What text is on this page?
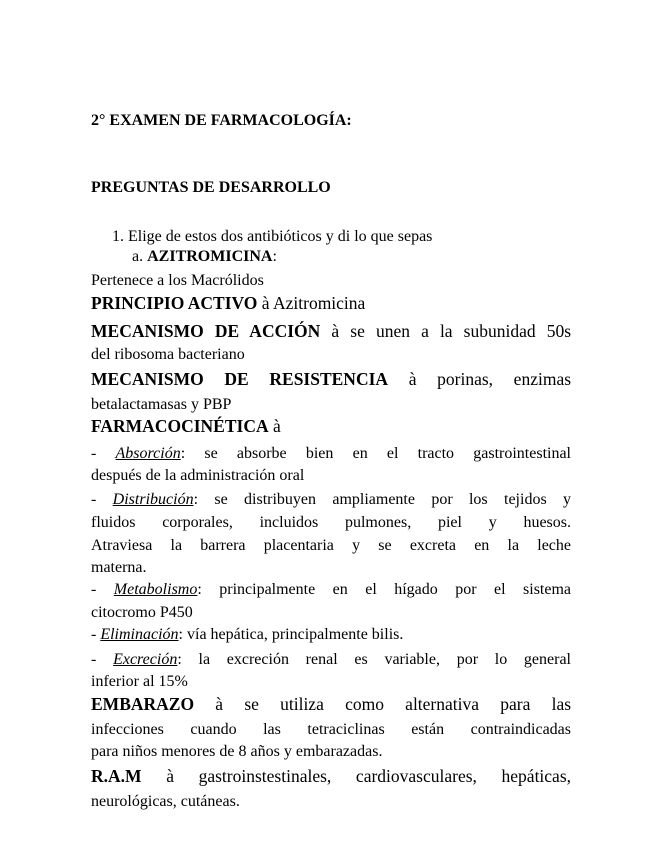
2° EXAMEN DE FARMACOLOGÍA:
PREGUNTAS DE DESARROLLO
1. Elige de estos dos antibióticos y di lo que sepas
a. AZITROMICINA:
Pertenece a los Macrólidos
PRINCIPIO ACTIVO à Azitromicina
MECANISMO DE ACCIÓN à se unen a la subunidad 50s
del ribosoma bacteriano
MECANISMO DE RESISTENCIA à porinas, enzimas
betalactamasas y PBP
FARMACOCINÉTICA à
- Absorción: se absorbe bien en el tracto gastrointestinal
después de la administración oral
- Distribución: se distribuyen ampliamente por los tejidos y
fluidos corporales, incluidos pulmones, piel y huesos.
Atraviesa la barrera placentaria y se excreta en la leche
materna.
- Metabolismo: principalmente en el hígado por el sistema
citocromo P450
- Eliminación: vía hepática, principalmente bilis.
- Excreción: la excreción renal es variable, por lo general
inferior al 15%
EMBARAZO à se utiliza como alternativa para las
infecciones cuando las tetraciclinas están contraindicadas
para niños menores de 8 años y embarazadas.
R.A.M à gastroinstestinales, cardiovasculares, hepáticas,
neurológicas, cutáneas.
